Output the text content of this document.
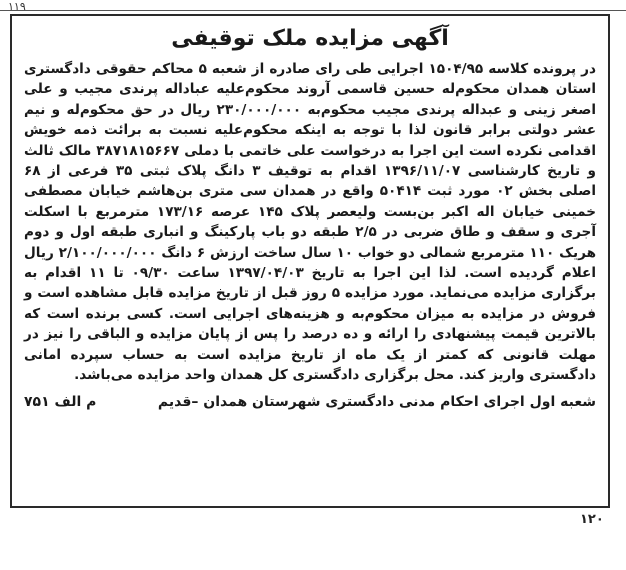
۱۱۹
آگهی مزایده ملک توقیفی

در پرونده کلاسه ۱۵۰۴/۹۵ اجرایی طی رای صادره از شعبه ۵ محاکم حقوقی دادگستری استان همدان محکوم‌له حسین قاسمی آروند محکوم‌علیه عباداله پرندی مجیب و علی اصغر زینی و عبداله پرندی مجیب محکوم‌به ۲۳۰/۰۰۰/۰۰۰ ریال در حق محکوم‌له و نیم عشر دولتی برابر قانون لذا با توجه به اینکه محکوم‌علیه نسبت به برائت ذمه خویش اقدامی نکرده است این اجرا به درخواست علی خاتمی با دملی ۳۸۷۱۸۱۵۶۶۷ مالک ثالث و تاریخ کارشناسی ۱۳۹۶/۱۱/۰۷ اقدام به توقیف ۳ دانگ پلاک ثبتی ۳۵ فرعی از ۶۸ اصلی بخش ۰۲ مورد ثبت ۵۰۴۱۴ واقع در همدان سی متری بن‌هاشم خیابان مصطفی خمینی خیابان اله اکبر بن‌بست ولیعصر پلاک ۱۴۵ عرصه ۱۷۳/۱۶ مترمربع با اسکلت آجری و سقف و طاق ضربی در ۲/۵ طبقه دو باب پارکینگ و انباری طبقه اول و دوم هریک ۱۱۰ مترمربع شمالی دو خواب ۱۰ سال ساخت ارزش ۶ دانگ ۲/۱۰۰/۰۰۰/۰۰۰ ریال اعلام گردیده است. لذا این اجرا به تاریخ ۱۳۹۷/۰۴/۰۳ ساعت ۰۹/۳۰ تا ۱۱ اقدام به برگزاری مزایده می‌نماید. مورد مزایده ۵ روز قبل از تاریخ مزایده قابل مشاهده است و فروش در مزایده به میزان محکوم‌به و هزینه‌های اجرایی است. کسی برنده است که بالاترین قیمت پیشنهادی را ارائه و ده درصد را پس از پایان مزایده و الباقی را نیز در مهلت قانونی که کمتر از یک ماه از تاریخ مزایده است به حساب سپرده امانی دادگستری واریز کند. محل برگزاری دادگستری کل همدان واحد مزایده می‌باشد.

شعبه اول اجرای احکام مدنی دادگستری شهرستان همدان –قدیم
م الف ۷۵۱
۱۲۰
